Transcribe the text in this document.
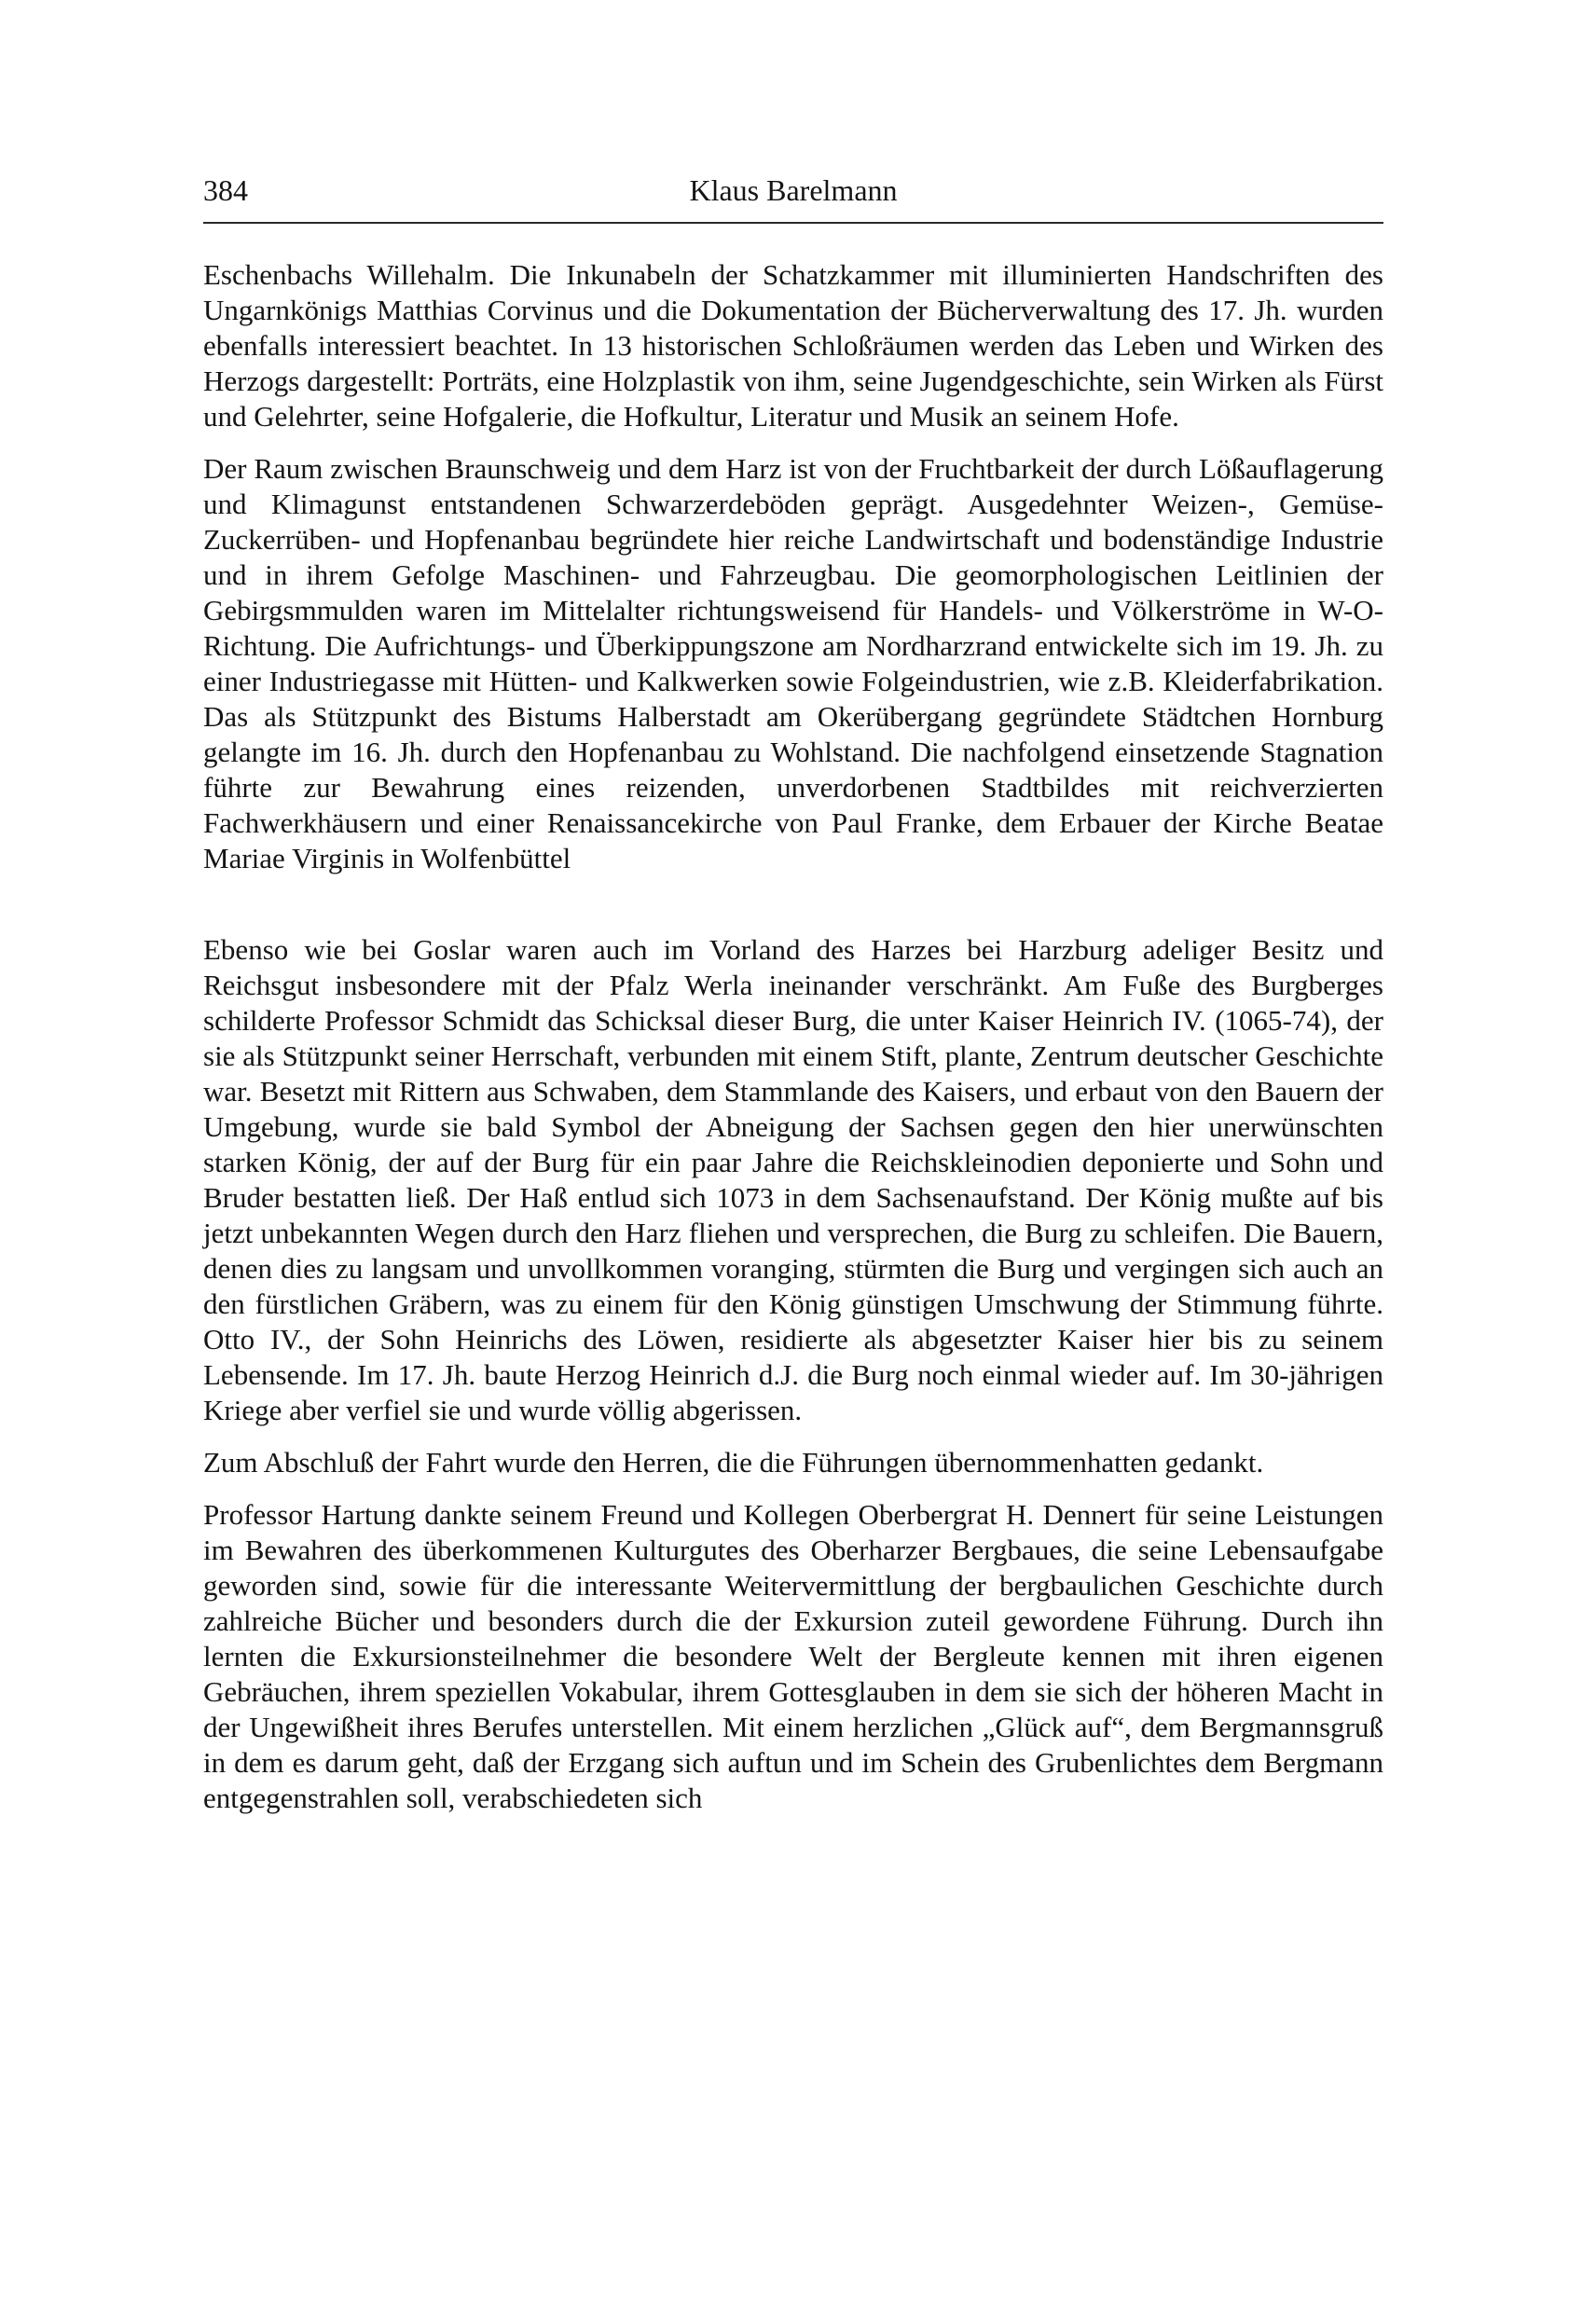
384	Klaus Barelmann

Eschenbachs Willehalm. Die Inkunabeln der Schatzkammer mit illuminierten Handschriften des Ungarnkönigs Matthias Corvinus und die Dokumentation der Bücherverwaltung des 17. Jh. wurden ebenfalls interessiert beachtet. In 13 historischen Schloßräumen werden das Leben und Wirken des Herzogs dargestellt: Porträts, eine Holzplastik von ihm, seine Jugendgeschichte, sein Wirken als Fürst und Gelehrter, seine Hofgalerie, die Hofkultur, Literatur und Musik an seinem Hofe.

Der Raum zwischen Braunschweig und dem Harz ist von der Fruchtbarkeit der durch Lößauflagerung und Klimagunst entstandenen Schwarzerdeböden geprägt. Ausgedehnter Weizen-, Gemüse-Zuckerrüben- und Hopfenanbau begründete hier reiche Landwirtschaft und bodenständige Industrie und in ihrem Gefolge Maschinen- und Fahrzeugbau. Die geomorphologischen Leitlinien der Gebirgsmmulden waren im Mittelalter richtungsweisend für Handels- und Völkerströme in W-O-Richtung. Die Aufrichtungs- und Überkippungszone am Nordharzrand entwickelte sich im 19. Jh. zu einer Industriegasse mit Hütten- und Kalkwerken sowie Folgeindustrien, wie z.B. Kleiderfabrikation. Das als Stützpunkt des Bistums Halberstadt am Okerübergang gegründete Städtchen Hornburg gelangte im 16. Jh. durch den Hopfenanbau zu Wohlstand. Die nachfolgend einsetzende Stagnation führte zur Bewahrung eines reizenden, unverdorbenen Stadtbildes mit reichverzierten Fachwerkhäusern und einer Renaissancekirche von Paul Franke, dem Erbauer der Kirche Beatae Mariae Virginis in Wolfenbüttel

Ebenso wie bei Goslar waren auch im Vorland des Harzes bei Harzburg adeliger Besitz und Reichsgut insbesondere mit der Pfalz Werla ineinander verschränkt. Am Fuße des Burgberges schilderte Professor Schmidt das Schicksal dieser Burg, die unter Kaiser Heinrich IV. (1065-74), der sie als Stützpunkt seiner Herrschaft, verbunden mit einem Stift, plante, Zentrum deutscher Geschichte war. Besetzt mit Rittern aus Schwaben, dem Stammlande des Kaisers, und erbaut von den Bauern der Umgebung, wurde sie bald Symbol der Abneigung der Sachsen gegen den hier unerwünschten starken König, der auf der Burg für ein paar Jahre die Reichskleinodien deponierte und Sohn und Bruder bestatten ließ. Der Haß entlud sich 1073 in dem Sachsenaufstand. Der König mußte auf bis jetzt unbekannten Wegen durch den Harz fliehen und versprechen, die Burg zu schleifen. Die Bauern, denen dies zu langsam und unvollkommen voranging, stürmten die Burg und vergingen sich auch an den fürstlichen Gräbern, was zu einem für den König günstigen Umschwung der Stimmung führte. Otto IV., der Sohn Heinrichs des Löwen, residierte als abgesetzter Kaiser hier bis zu seinem Lebensende. Im 17. Jh. baute Herzog Heinrich d.J. die Burg noch einmal wieder auf. Im 30-jährigen Kriege aber verfiel sie und wurde völlig abgerissen.

Zum Abschluß der Fahrt wurde den Herren, die die Führungen übernommenhatten gedankt.

Professor Hartung dankte seinem Freund und Kollegen Oberbergrat H. Dennert für seine Leistungen im Bewahren des überkommenen Kulturgutes des Oberharzer Bergbaues, die seine Lebensaufgabe geworden sind, sowie für die interessante Weitervermittlung der bergbaulichen Geschichte durch zahlreiche Bücher und besonders durch die der Exkursion zuteil gewordene Führung. Durch ihn lernten die Exkursionsteilnehmer die besondere Welt der Bergleute kennen mit ihren eigenen Gebräuchen, ihrem speziellen Vokabular, ihrem Gottesglauben in dem sie sich der höheren Macht in der Ungewißheit ihres Berufes unterstellen. Mit einem herzlichen „Glück auf“, dem Bergmannsgruß in dem es darum geht, daß der Erzgang sich auftun und im Schein des Grubenlichtes dem Bergmann entgegenstrahlen soll, verabschiedeten sich
